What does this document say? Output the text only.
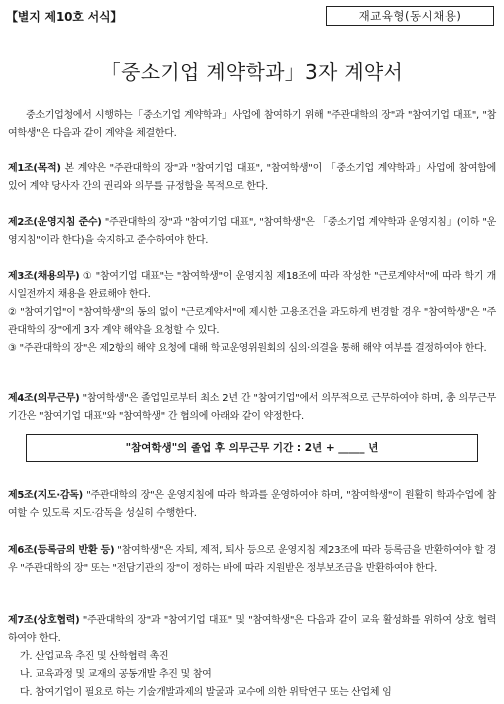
【별지 제10호 서식】	재교육형(동시채용)
「중소기업 계약학과」3자 계약서
중소기업청에서 시행하는「중소기업 계약학과」사업에 참여하기 위해 "주관대학의 장"과 "참여기업 대표", "참여학생"은 다음과 같이 계약을 체결한다.

제1조(목적) 본 계약은 "주관대학의 장"과 "참여기업 대표", "참여학생"이 「중소기업 계약학과」사업에 참여함에 있어 계약 당사자 간의 권리와 의무를 규정함을 목적으로 한다.

제2조(운영지침 준수) "주관대학의 장"과 "참여기업 대표", "참여학생"은 「중소기업 계약학과 운영지침」(이하 "운영지침"이라 한다)을 숙지하고 준수하여야 한다.

제3조(채용의무) ① "참여기업 대표"는 "참여학생"이 운영지침 제18조에 따라 작성한 "근로계약서"에 따라 학기 개시일전까지 채용을 완료해야 한다.

② "참여기업"이 "참여학생"의 동의 없이 "근로계약서"에 제시한 고용조건을 과도하게 변경할 경우 "참여학생"은 "주관대학의 장"에게 3자 계약 해약을 요청할 수 있다.

③ "주관대학의 장"은 제2항의 해약 요청에 대해 학교운영위원회의 심의·의결을 통해 해약 여부를 결정하여야 한다.

제4조(의무근무) "참여학생"은 졸업일로부터 최소 2년 간 "참여기업"에서 의무적으로 근무하여야 하며, 총 의무근무 기간은 "참여기업 대표"와 "참여학생" 간 협의에 아래와 같이 약정한다.

"참여학생"의 졸업 후 의무근무 기간 : 2년 + _____ 년

제5조(지도·감독) "주관대학의 장"은 운영지침에 따라 학과를 운영하여야 하며, "참여학생"이 원활히 학과수업에 참여할 수 있도록 지도·감독을 성실히 수행한다.

제6조(등록금의 반환 등) "참여학생"은 자퇴, 제적, 퇴사 등으로 운영지침 제23조에 따라 등록금을 반환하여야 할 경우 "주관대학의 장" 또는 "전담기관의 장"이 정하는 바에 따라 지원받은 정부보조금을 반환하여야 한다.

제7조(상호협력) "주관대학의 장"과 "참여기업 대표" 및 "참여학생"은 다음과 같이 교육 활성화를 위하여 상호 협력하여야 한다.

가. 산업교육 추진 및 산학협력 촉진

나. 교육과정 및 교재의 공동개발 추진 및 참여

다. 참여기업이 필요로 하는 기술개발과제의 발굴과 교수에 의한 위탁연구 또는 산업체 임
